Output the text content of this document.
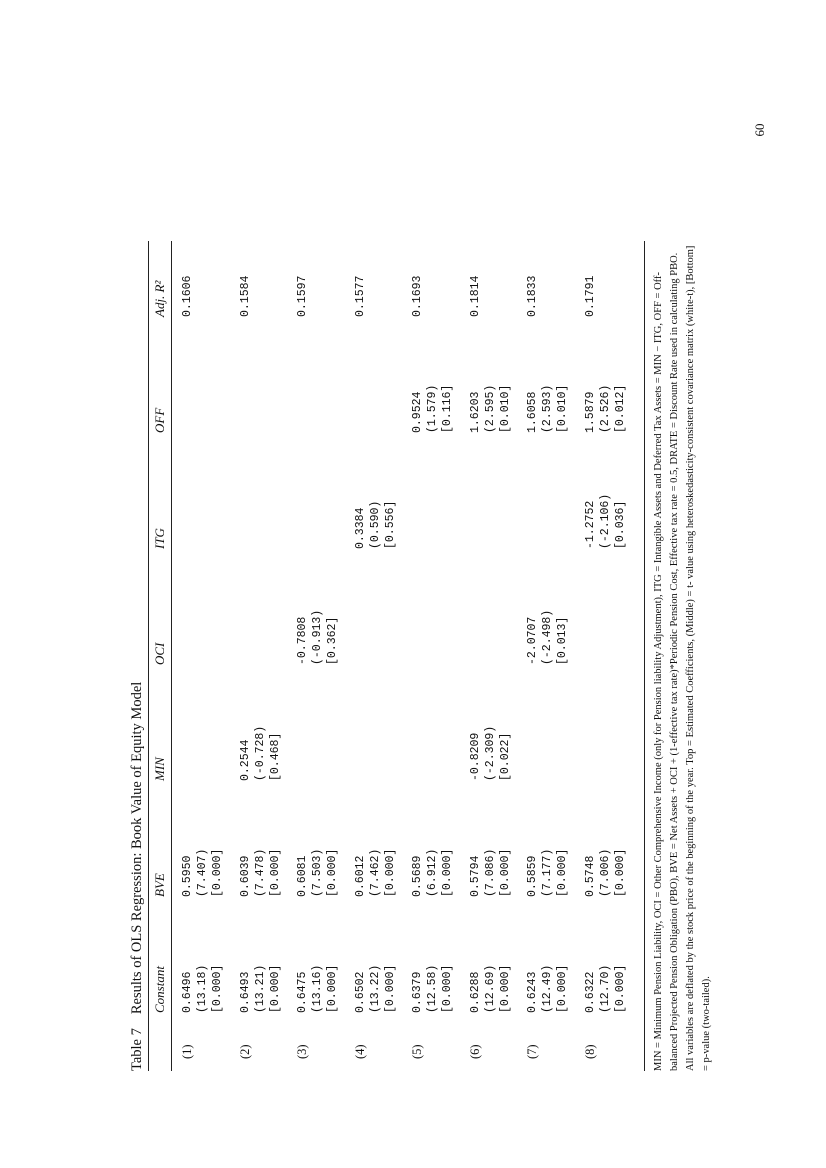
60
Table 7Results of OLS Regression: Book Value of Equity Model Constant
BVE
MIN
OCI
ITG
OFF
Adj. R²
(1)
0.6496 (13.18) [0.000]
0.5950 (7.407) [0.000]
0.1606
(2)
0.6493 (13.21) [0.000]
0.6039 (7.478) [0.000]
0.2544 (-0.728) [0.468]
0.1584
(3)
0.6475 (13.16) [0.000]
0.6081 (7.503) [0.000]
-0.7808 (-0.913) [0.362]
0.1597
(4)
0.6502 (13.22) [0.000]
0.6012 (7.462) [0.000]
0.3384 (0.590) [0.556]
0.1577
(5)
0.6379 (12.58) [0.000]
0.5689 (6.912) [0.000]
0.9524 (1.579) [0.116]
0.1693
(6)
0.6288 (12.69) [0.000]
0.5794 (7.086) [0.000]
-0.8209 (-2.309) [0.022]
1.6203 (2.595) [0.010]
0.1814
(7)
0.6243 (12.49) [0.000]
0.5859 (7.177) [0.000]
-2.0707 (-2.498) [0.013]
1.6058 (2.593) [0.010]
0.1833
(8)
0.6322 (12.70) [0.000]
0.5748 (7.006) [0.000]
-1.2752 (-2.106) [0.036]
1.5879 (2.526) [0.012]
0.1791
MIN = Minimum Pension Liability, OCI = Other Comprehensive Income (only for Pension liability Adjustment), ITG = Intangible Assets and Deferred Tax Assets = MIN − ITG, OFF = Off-balanced Projected Pension Obligation (PBO), BVE = Net Assets + OCI + (1-effective tax rate)*Periodic Pension Cost, Effective tax rate = 0.5, DRATE = Discount Rate used in calculating PBO. All variables are deflated by the stock price of the beginning of the year. Top = Estimated Coefficients, (Middle) = t- value using heteroskedasticity-consistent covariance matrix (white-t), [Bottom] = p-value (two-tailed).
